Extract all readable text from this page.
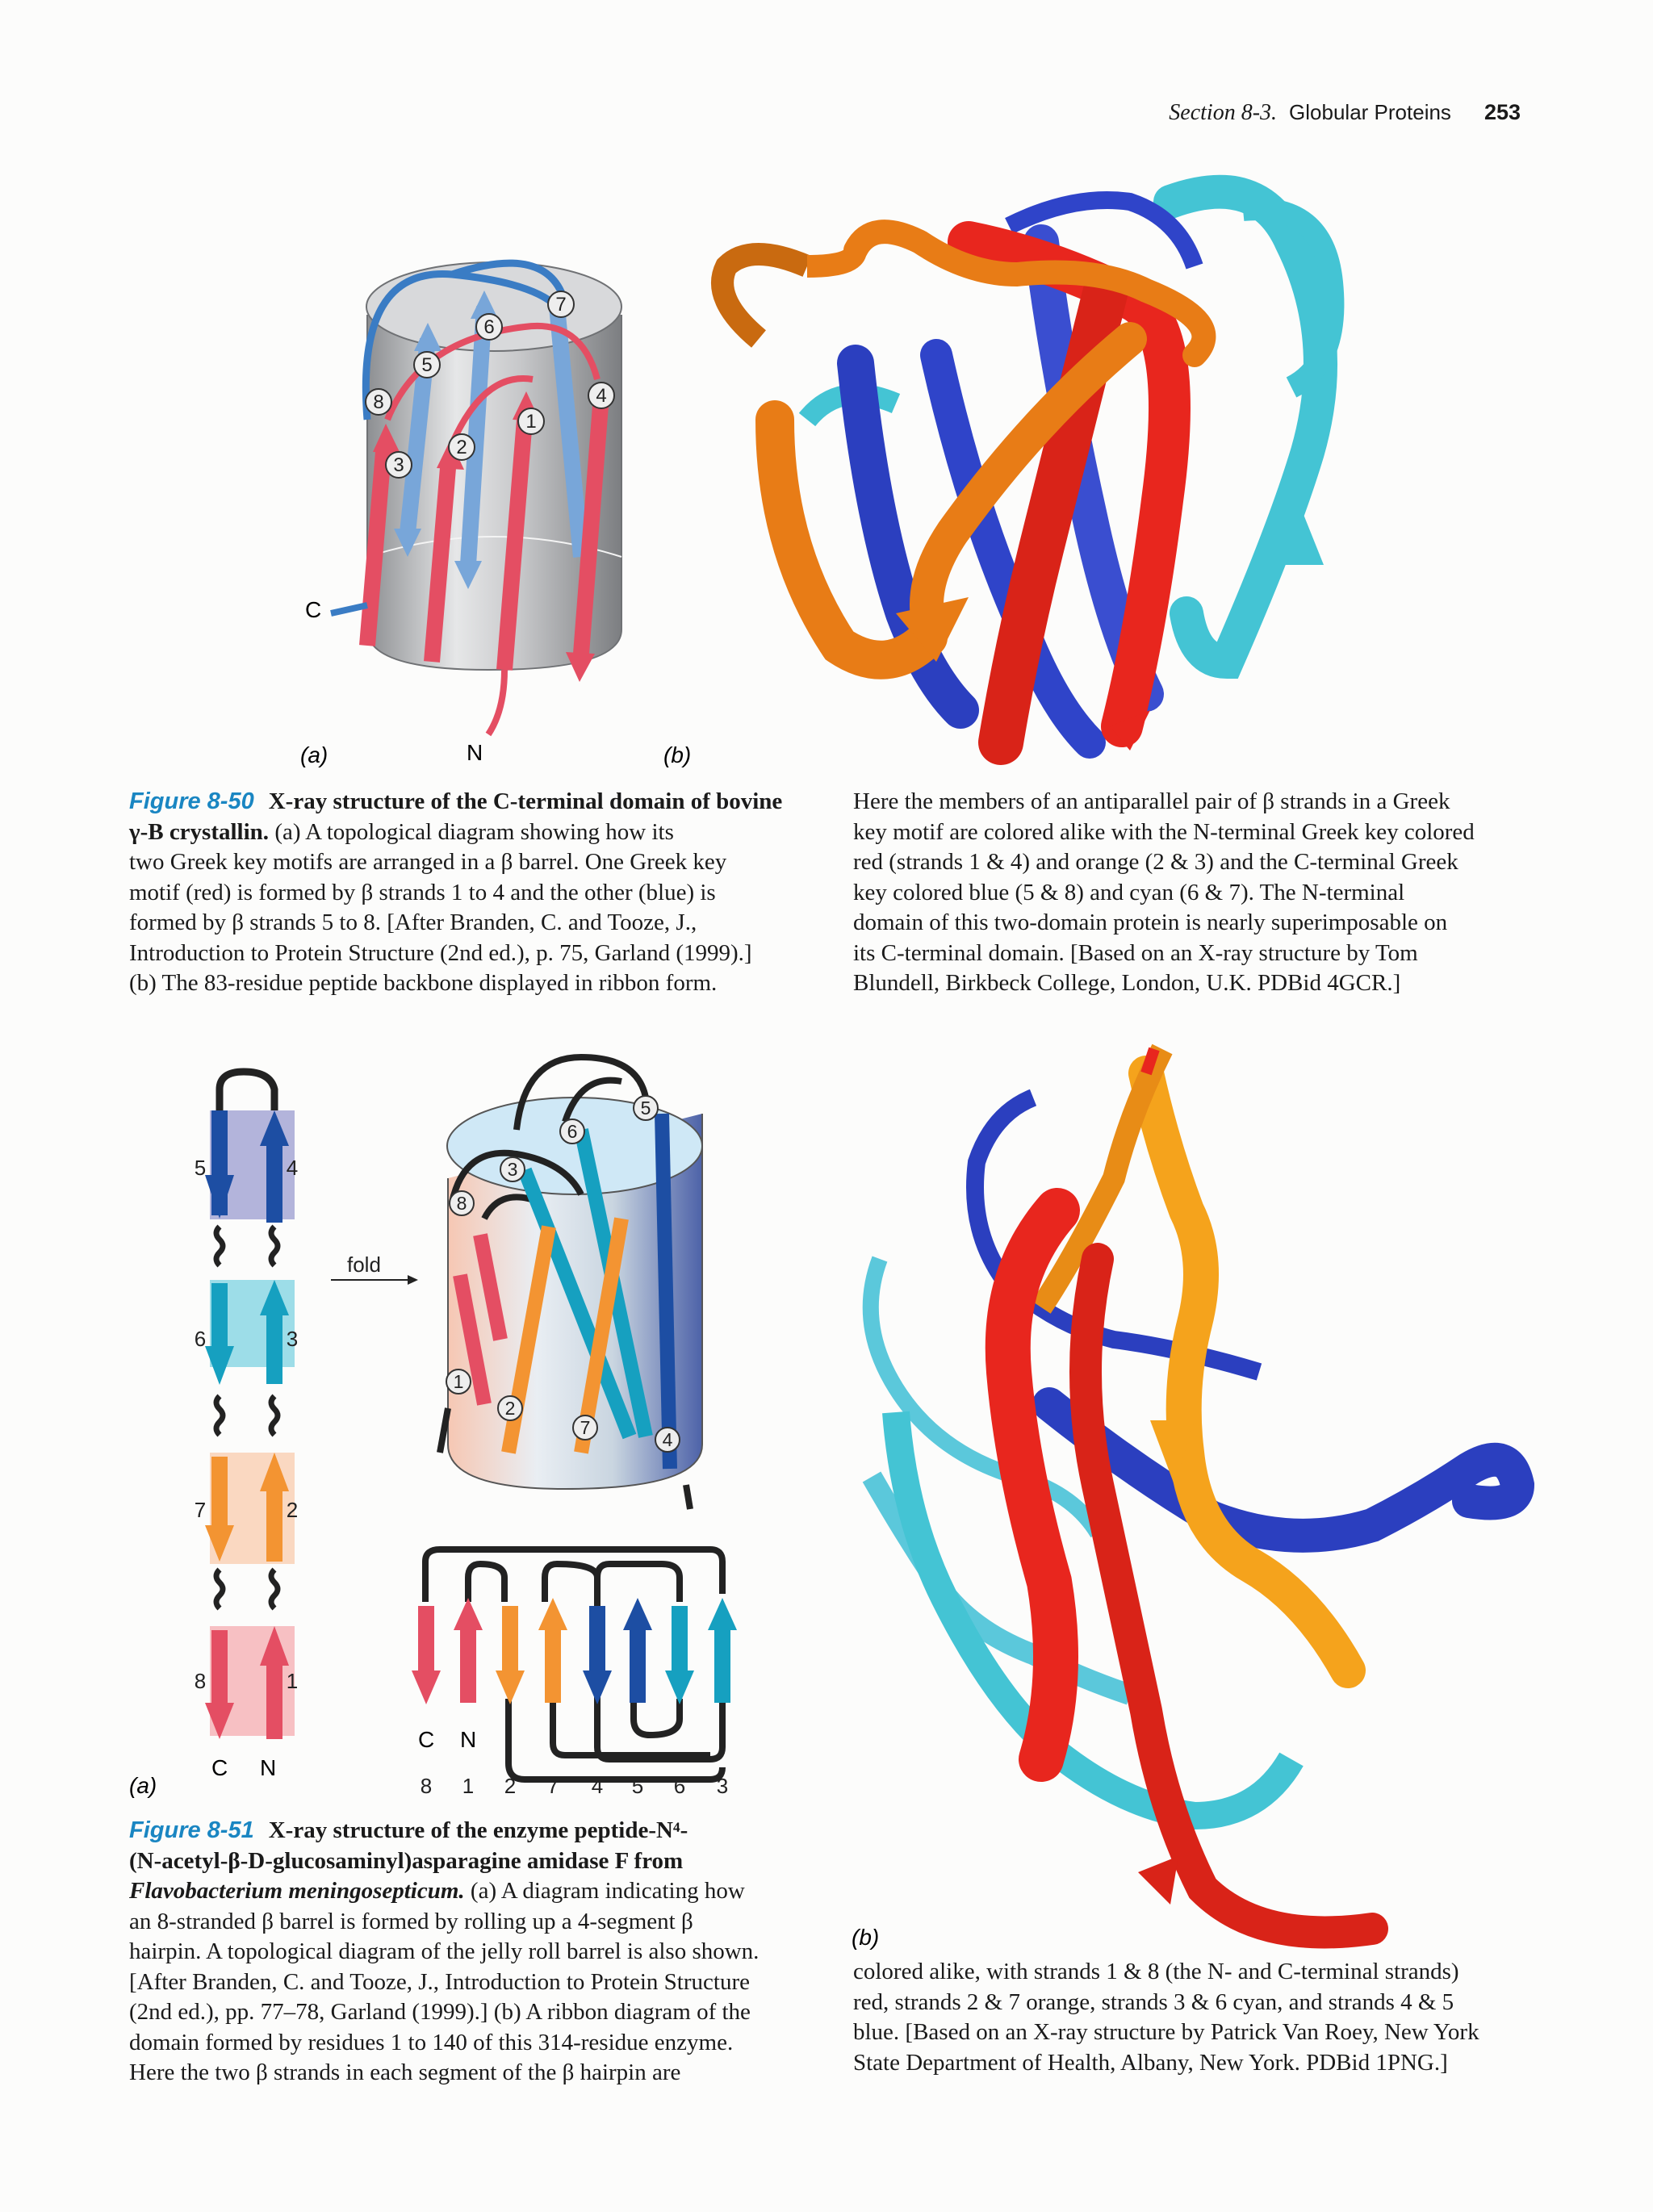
Section 8-3. Globular Proteins 253
7
6
5
8	4
1
2
3
C
N
(a)	(b)
5	4
6	3
7	2
8	1
C N
(a)
fold
5
6
3
8
1
2
7
4
C N
8 1 2 7 4 5 6 3
(b)

Figure 8-50 X-ray structure of the C-terminal domain of bovine γ-B crystallin. (a) A topological diagram showing how its

two Greek key motifs are arranged in a β barrel. One Greek key

motif (red) is formed by β strands 1 to 4 and the other (blue) is

formed by β strands 5 to 8. [After Branden, C. and Tooze, J.,

Introduction to Protein Structure (2nd ed.), p. 75, Garland (1999).]

(b) The 83-residue peptide backbone displayed in ribbon form.

Here the members of an antiparallel pair of β strands in a Greek

key motif are colored alike with the N-terminal Greek key colored

red (strands 1 & 4) and orange (2 & 3) and the C-terminal Greek

key colored blue (5 & 8) and cyan (6 & 7). The N-terminal

domain of this two-domain protein is nearly superimposable on

its C-terminal domain. [Based on an X-ray structure by Tom

Blundell, Birkbeck College, London, U.K. PDBid 4GCR.]

Figure 8-51 X-ray structure of the enzyme peptide-N⁴-

(N-acetyl-β-D-glucosaminyl)asparagine amidase F from

Flavobacterium meningosepticum. (a) A diagram indicating how

an 8-stranded β barrel is formed by rolling up a 4-segment β

hairpin. A topological diagram of the jelly roll barrel is also shown.

[After Branden, C. and Tooze, J., Introduction to Protein Structure

(2nd ed.), pp. 77–78, Garland (1999).] (b) A ribbon diagram of the

domain formed by residues 1 to 140 of this 314-residue enzyme.

Here the two β strands in each segment of the β hairpin are

colored alike, with strands 1 & 8 (the N- and C-terminal strands)

red, strands 2 & 7 orange, strands 3 & 6 cyan, and strands 4 & 5

blue. [Based on an X-ray structure by Patrick Van Roey, New York

State Department of Health, Albany, New York. PDBid 1PNG.]
